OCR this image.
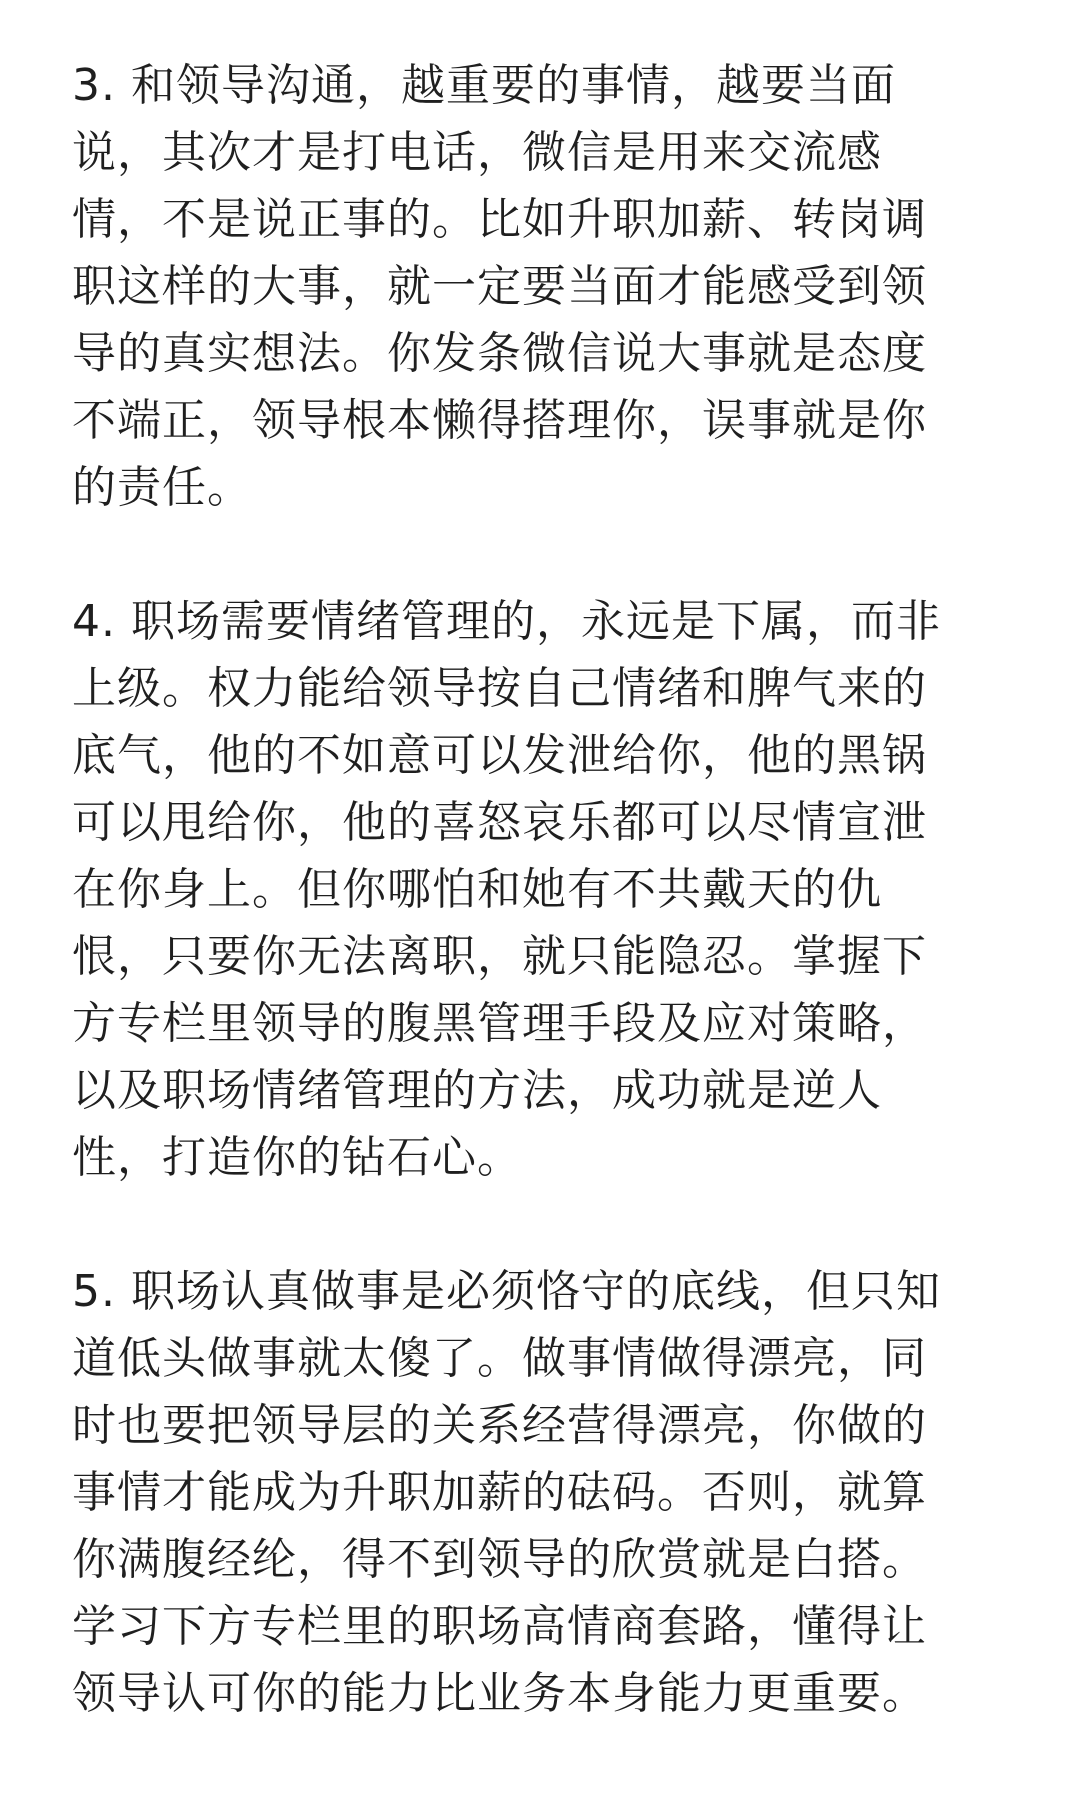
3. 和领导沟通，越重要的事情，越要当面
说，其次才是打电话，微信是用来交流感
情，不是说正事的。比如升职加薪、转岗调
职这样的大事，就一定要当面才能感受到领
导的真实想法。你发条微信说大事就是态度
不端正，领导根本懒得搭理你，误事就是你
的责任。
4. 职场需要情绪管理的，永远是下属，而非
上级。权力能给领导按自己情绪和脾气来的
底气，他的不如意可以发泄给你，他的黑锅
可以甩给你，他的喜怒哀乐都可以尽情宣泄
在你身上。但你哪怕和她有不共戴天的仇
恨，只要你无法离职，就只能隐忍。掌握下
方专栏里领导的腹黑管理手段及应对策略，
以及职场情绪管理的方法，成功就是逆人
性，打造你的钻石心。
5. 职场认真做事是必须恪守的底线，但只知
道低头做事就太傻了。做事情做得漂亮，同
时也要把领导层的关系经营得漂亮，你做的
事情才能成为升职加薪的砝码。否则，就算
你满腹经纶，得不到领导的欣赏就是白搭。
学习下方专栏里的职场高情商套路，懂得让
领导认可你的能力比业务本身能力更重要。
